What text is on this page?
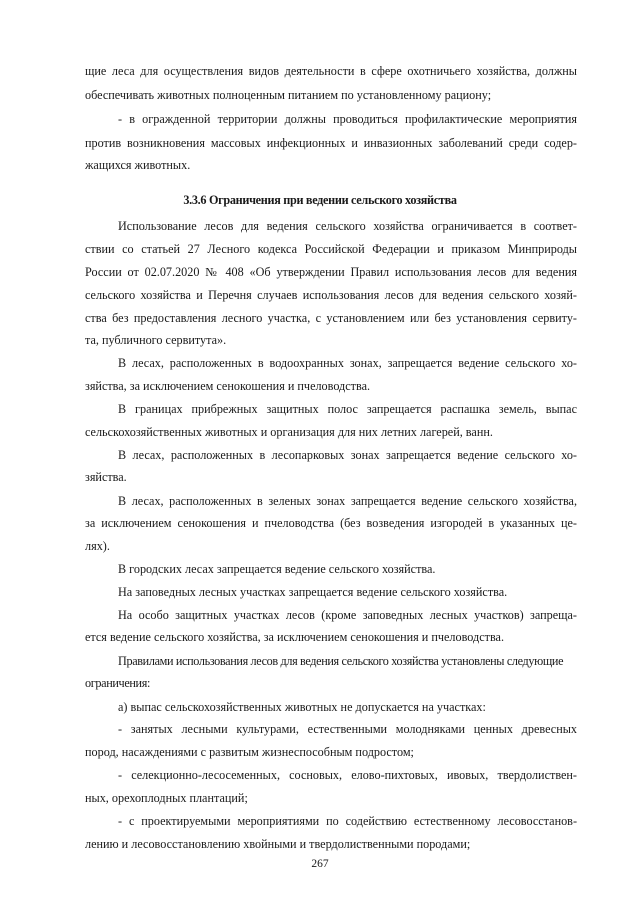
щие леса для осуществления видов деятельности в сфере охотничьего хозяйства, должны
обеспечивать животных полноценным питанием по установленному рациону;
- в огражденной территории должны проводиться профилактические мероприятия
против возникновения массовых инфекционных и инвазионных заболеваний среди содер-
жащихся животных.
3.3.6 Ограничения при ведении сельского хозяйства
Использование лесов для ведения сельского хозяйства ограничивается в соответ-
ствии со статьей 27 Лесного кодекса Российской Федерации и приказом Минприроды
России от 02.07.2020 № 408 «Об утверждении Правил использования лесов для ведения
сельского хозяйства и Перечня случаев использования лесов для ведения сельского хозяй-
ства без предоставления лесного участка, с установлением или без установления сервиту-
та, публичного сервитута».
В лесах, расположенных в водоохранных зонах, запрещается ведение сельского хо-
зяйства, за исключением сенокошения и пчеловодства.
В границах прибрежных защитных полос запрещается распашка земель, выпас
сельскохозяйственных животных и организация для них летних лагерей, ванн.
В лесах, расположенных в лесопарковых зонах запрещается ведение сельского хо-
зяйства.
В лесах, расположенных в зеленых зонах запрещается ведение сельского хозяйства,
за исключением сенокошения и пчеловодства (без возведения изгородей в указанных це-
лях).
В городских лесах запрещается ведение сельского хозяйства.
На заповедных лесных участках запрещается ведение сельского хозяйства.
На особо защитных участках лесов (кроме заповедных лесных участков) запреща-
ется ведение сельского хозяйства, за исключением сенокошения и пчеловодства.
Правилами использования лесов для ведения сельского хозяйства установлены следующие
ограничения:
а) выпас сельскохозяйственных животных не допускается на участках:
- занятых лесными культурами, естественными молодняками ценных древесных
пород, насаждениями с развитым жизнеспособным подростом;
- селекционно-лесосеменных, сосновых, елово-пихтовых, ивовых, твердолиствен-
ных, орехоплодных плантаций;
- с проектируемыми мероприятиями по содействию естественному лесовосстанов-
лению и лесовосстановлению хвойными и твердолиственными породами;
267
